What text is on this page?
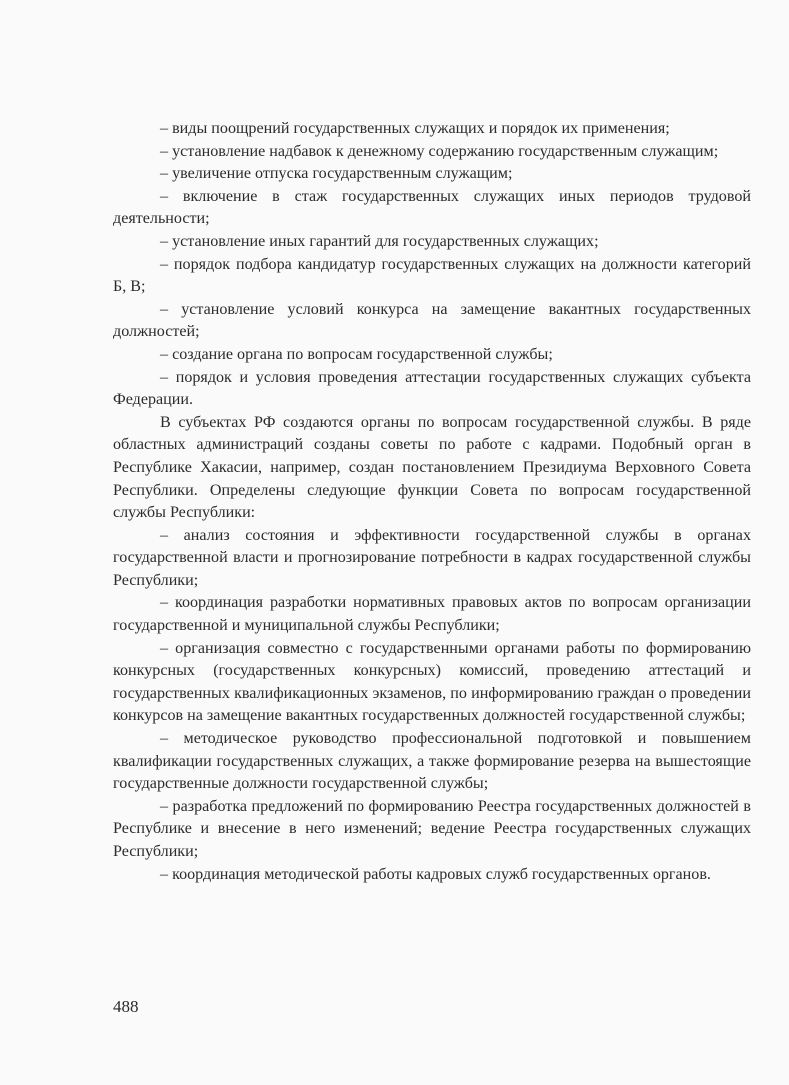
– виды поощрений государственных служащих и порядок их применения;

– установление надбавок к денежному содержанию государственным служащим;

– увеличение отпуска государственным служащим;

– включение в стаж государственных служащих иных периодов трудовой деятельности;

– установление иных гарантий для государственных служащих;

– порядок подбора кандидатур государственных служащих на должности категорий Б, В;

– установление условий конкурса на замещение вакантных государственных должностей;

– создание органа по вопросам государственной службы;

– порядок и условия проведения аттестации государственных служащих субъекта Федерации.

В субъектах РФ создаются органы по вопросам государственной службы. В ряде областных администраций созданы советы по работе с кадрами. Подобный орган в Республике Хакасии, например, создан постановлением Президиума Верховного Совета Республики. Определены следующие функции Совета по вопросам государственной службы Республики:

– анализ состояния и эффективности государственной службы в органах государственной власти и прогнозирование потребности в кадрах государственной службы Республики;

– координация разработки нормативных правовых актов по вопросам организации государственной и муниципальной службы Республики;

– организация совместно с государственными органами работы по формированию конкурсных (государственных конкурсных) комиссий, проведению аттестаций и государственных квалификационных экзаменов, по информированию граждан о проведении конкурсов на замещение вакантных государственных должностей государственной службы;

– методическое руководство профессиональной подготовкой и повышением квалификации государственных служащих, а также формирование резерва на вышестоящие государственные должности государственной службы;

– разработка предложений по формированию Реестра государственных должностей в Республике и внесение в него изменений; ведение Реестра государственных служащих Республики;

– координация методической работы кадровых служб государственных органов.

488
